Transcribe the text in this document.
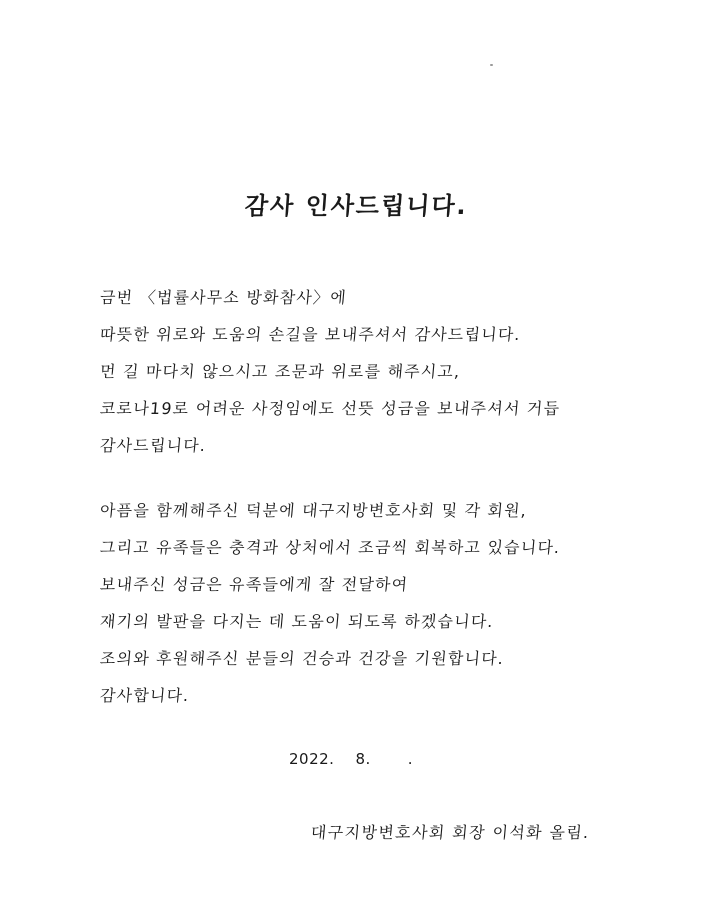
감사 인사드립니다.
금번 〈법률사무소 방화참사〉에
따뜻한 위로와 도움의 손길을 보내주셔서 감사드립니다.
먼 길 마다치 않으시고 조문과 위로를 해주시고,
코로나19로 어려운 사정임에도 선뜻 성금을 보내주셔서 거듭
감사드립니다.
아픔을 함께해주신 덕분에 대구지방변호사회 및 각 회원,
그리고 유족들은 충격과 상처에서 조금씩 회복하고 있습니다.
보내주신 성금은 유족들에게 잘 전달하여
재기의 발판을 다지는 데 도움이 되도록 하겠습니다.
조의와 후원해주신 분들의 건승과 건강을 기원합니다.
감사합니다.
2022.    8.       .
대구지방변호사회 회장 이석화 올림.
